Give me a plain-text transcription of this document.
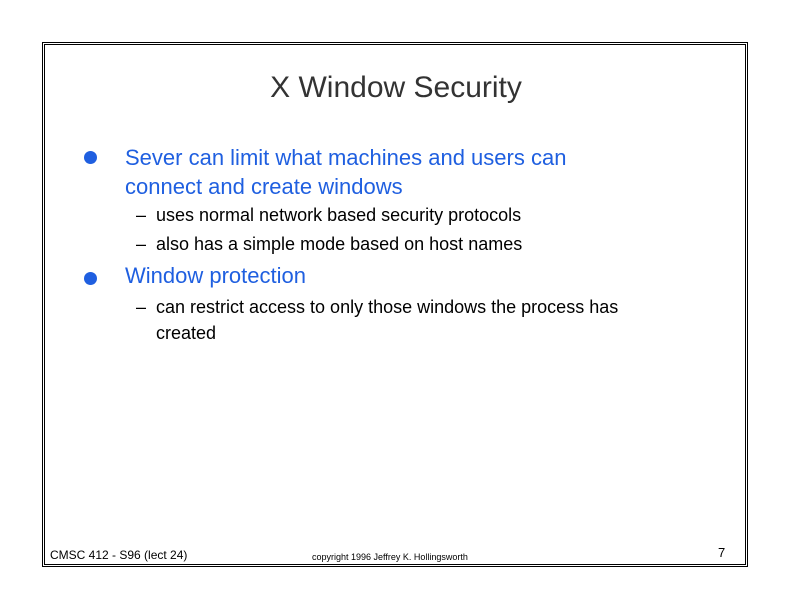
X Window Security
Sever can limit what machines and users can
connect and create windows
– uses normal network based security protocols
– also has a simple mode based on host names
Window protection
– can restrict access to only those windows the process has
created
CMSC 412 - S96 (lect 24)	copyright 1996 Jeffrey K. Hollingsworth	7
